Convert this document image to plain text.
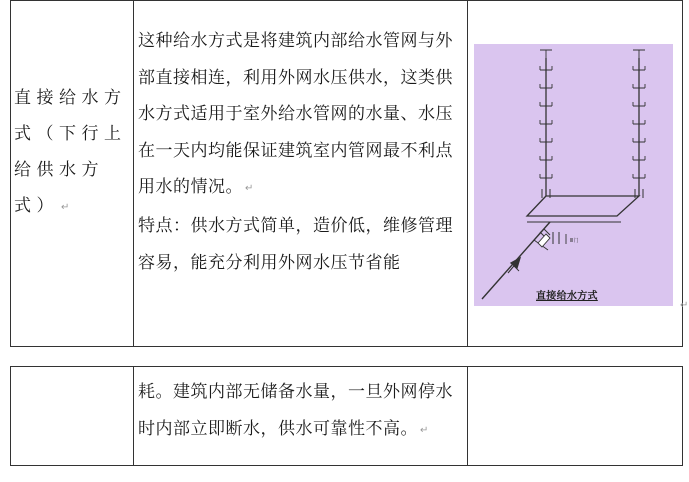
直接给水方式（下行上给供水方式） ↵
这种给水方式是将建筑内部给水管网与外部直接相连，利用外网水压供水，这类供水方式适用于室外给水管网的水量、水压在一天内均能保证建筑室内管网最不利点用水的情况。 ↵
特点：供水方式简单，造价低，维修管理容易，能充分利用外网水压节省能
Ⅲ门
直接给水方式
↵
耗。建筑内部无储备水量，一旦外网停水时内部立即断水，供水可靠性不高。 ↵
